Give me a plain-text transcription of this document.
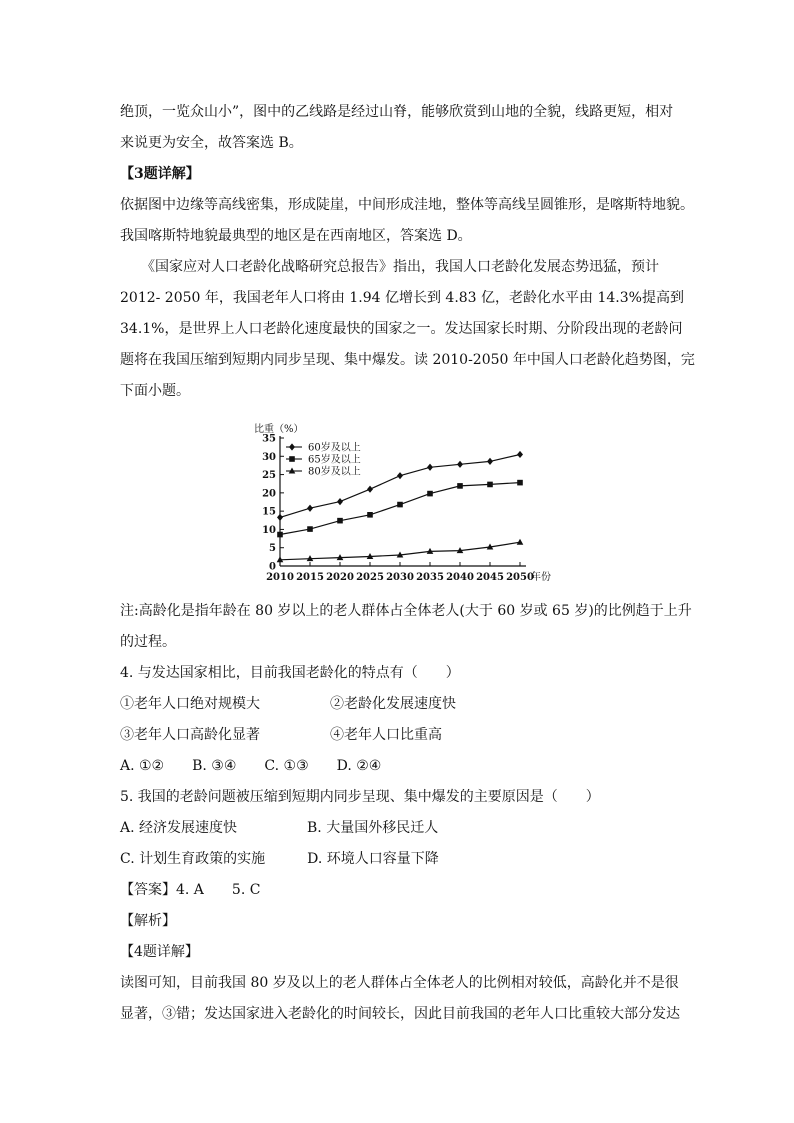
绝顶，一览众山小”，图中的乙线路是经过山脊，能够欣赏到山地的全貌，线路更短，相对
来说更为安全，故答案选 B。
【3题详解】
依据图中边缘等高线密集，形成陡崖，中间形成洼地，整体等高线呈圆锥形，是喀斯特地貌。
我国喀斯特地貌最典型的地区是在西南地区，答案选 D。
　　《国家应对人口老龄化战略研究总报告》指出，我国人口老龄化发展态势迅猛，预计
2012- 2050 年，我国老年人口将由 1.94 亿增长到 4.83 亿，老龄化水平由 14.3%提高到
34.1%，是世界上人口老龄化速度最快的国家之一。发达国家长时期、分阶段出现的老龄问
题将在我国压缩到短期内同步呈现、集中爆发。读 2010-2050 年中国人口老龄化趋势图，完
下面小题。
注:高龄化是指年龄在 80 岁以上的老人群体占全体老人(大于 60 岁或 65 岁)的比例趋于上升
的过程。
4. 与发达国家相比，目前我国老龄化的特点有（　　）
①老年人口绝对规模大　　　　　②老龄化发展速度快
③老年人口高龄化显著　　　　　④老年人口比重高
A. ①②　　B. ③④　　C. ①③　　D. ②④
5. 我国的老龄问题被压缩到短期内同步呈现、集中爆发的主要原因是（　　）
A. 经济发展速度快　　　　　B. 大量国外移民迁人
C. 计划生育政策的实施　　　D. 环境人口容量下降
【答案】4. A　　5. C
【解析】
【4题详解】
读图可知，目前我国 80 岁及以上的老人群体占全体老人的比例相对较低，高龄化并不是很
显著，③错；发达国家进入老龄化的时间较长，因此目前我国的老年人口比重较大部分发达
比重（%）
0
5
10
15
20
25
30
35
2010 2015 2020 2025 2030 2035 2040 2045 2050
年份
60岁及以上
65岁及以上
80岁及以上
